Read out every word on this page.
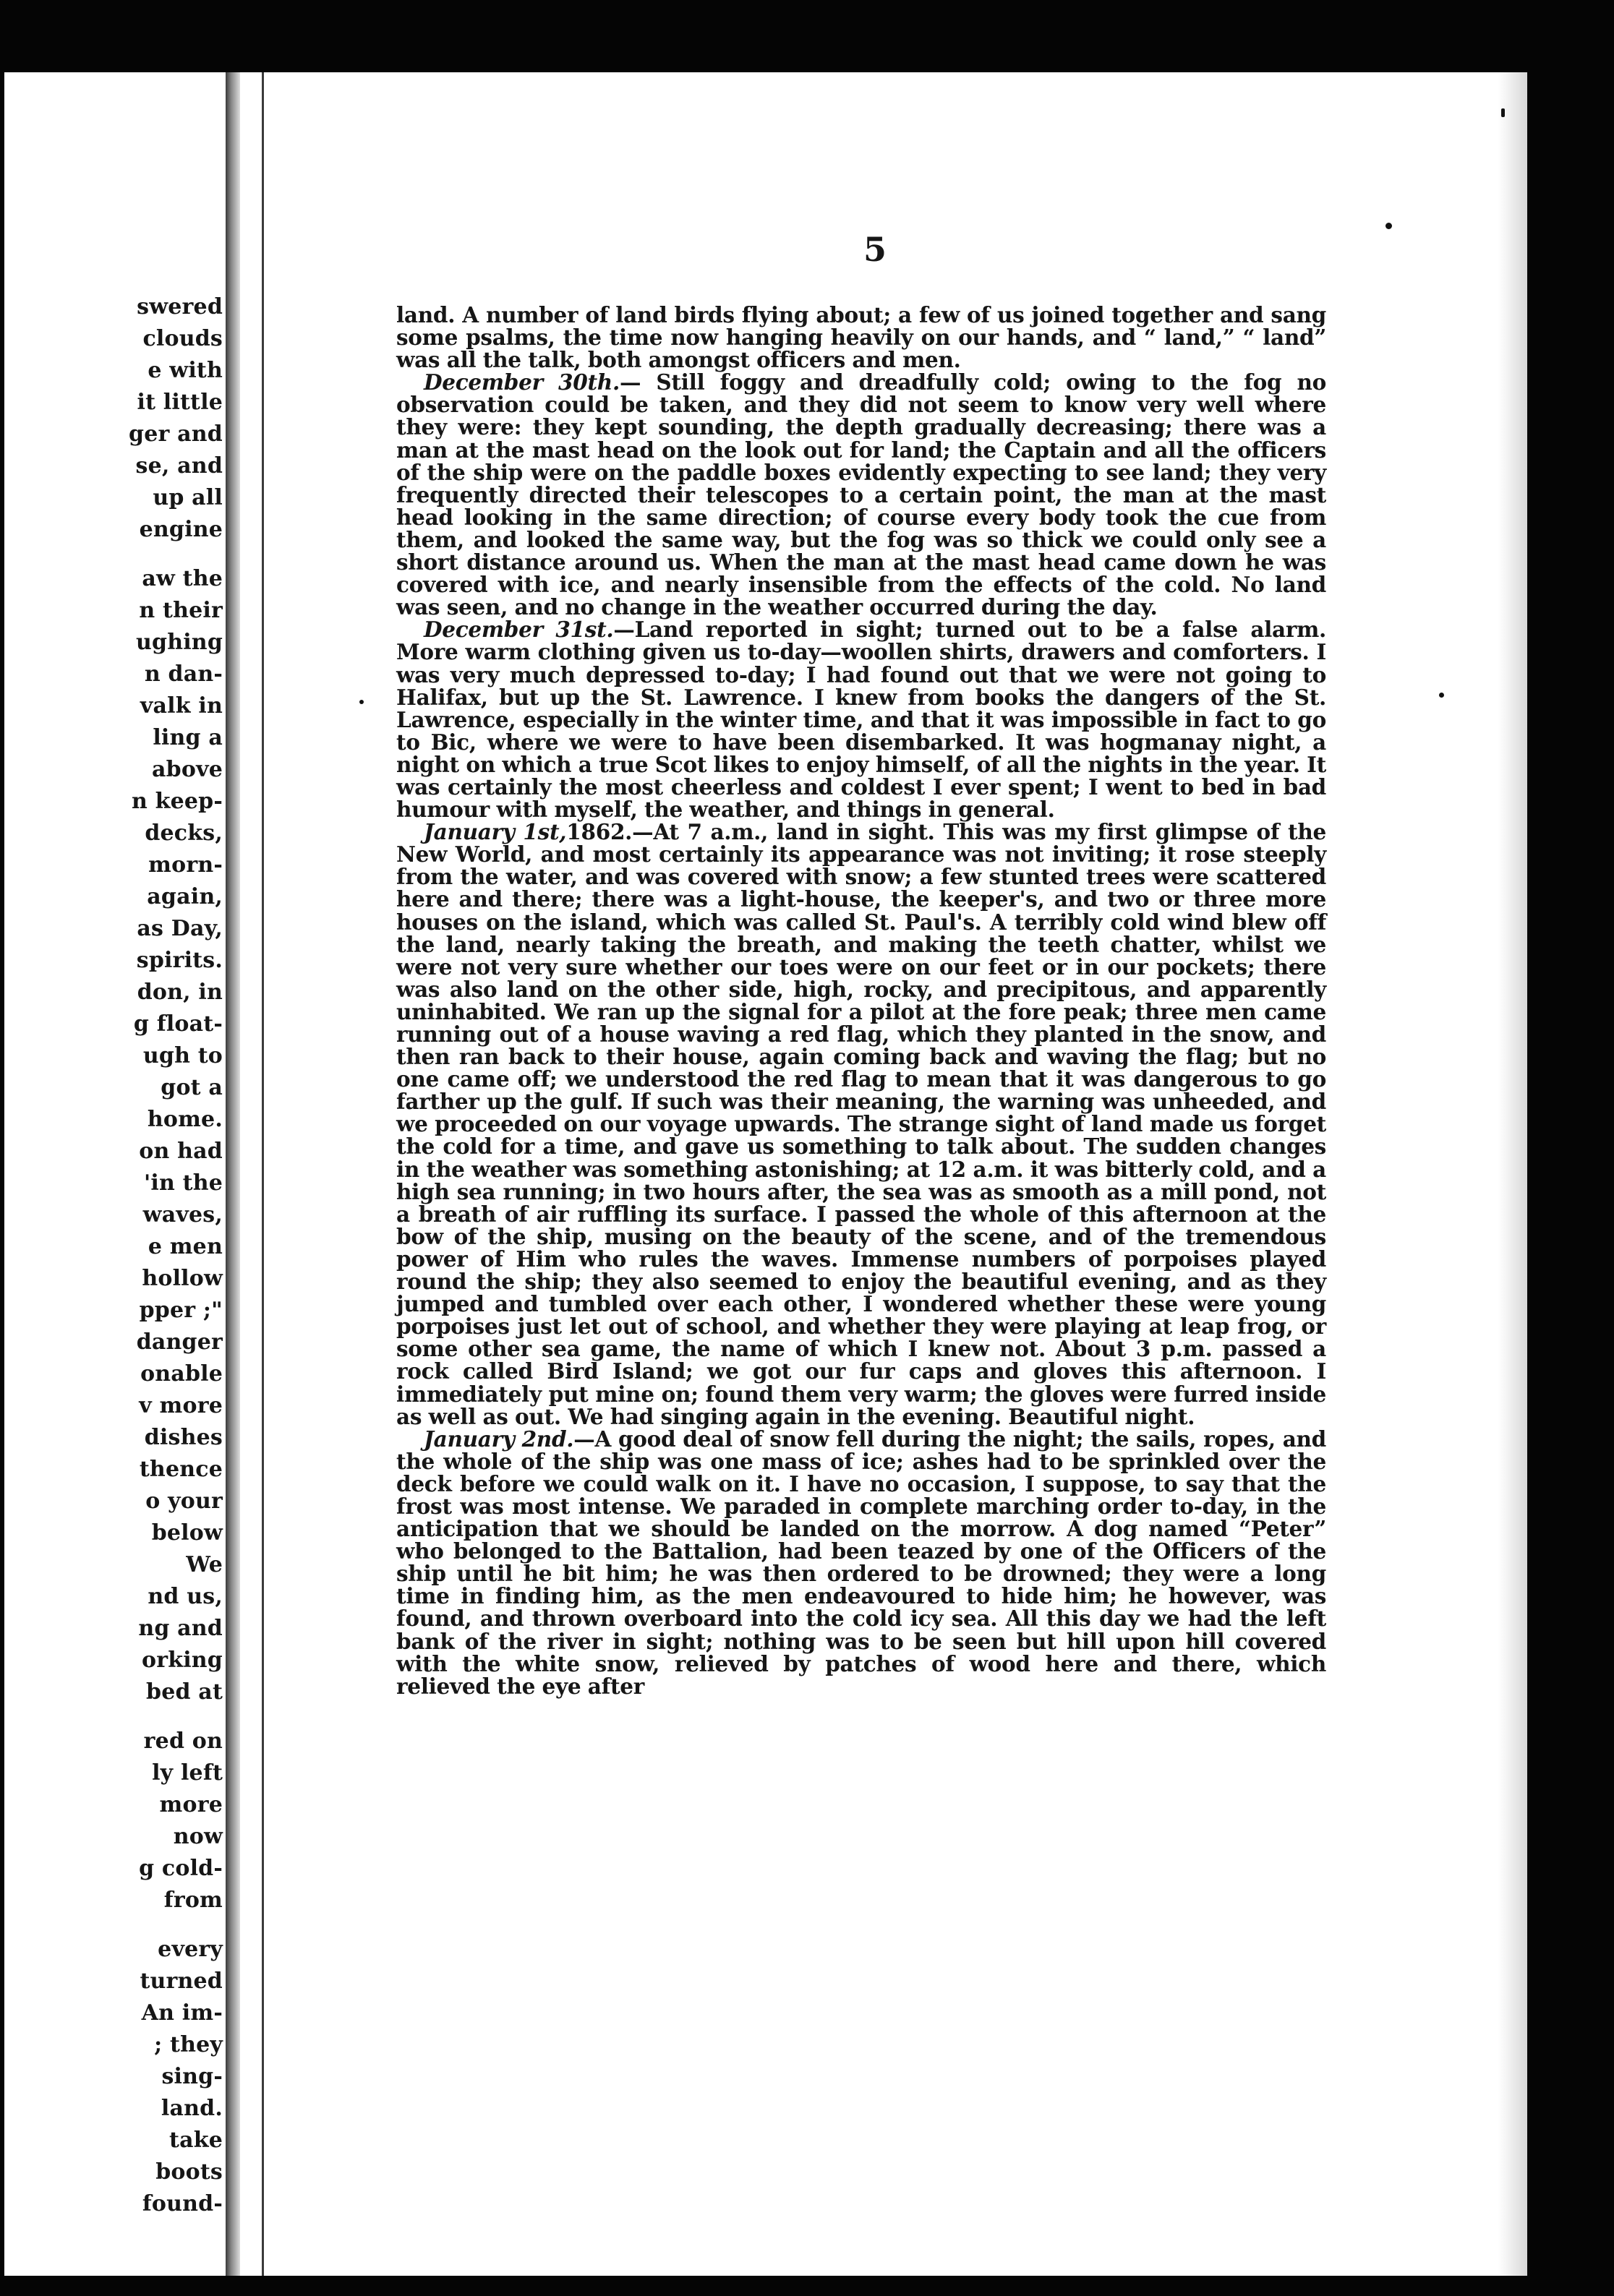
swered
clouds
e with
it little
ger and
se, and
up all
engine
aw the
n their
ughing
n dan-
valk in
ling a
above
n keep-
decks,
morn-
again,
as Day,
spirits.
don, in
g float-
ugh to
got a
home.
on had
'in the
waves,
e men
hollow
pper ;"
danger
onable
v more
dishes
thence
o your
below
We
nd us,
ng and
orking
bed at
red on
ly left
more
now
g cold-
from
every
turned
An im-
; they
sing-
land.
take
boots
found-
5

land. A number of land birds flying about; a few of us joined together and sang some psalms, the time now hanging heavily on our hands, and “ land,” “ land” was all the talk, both amongst officers and men.

December 30th.— Still foggy and dreadfully cold; owing to the fog no observation could be taken, and they did not seem to know very well where they were: they kept sounding, the depth gradually decreasing; there was a man at the mast head on the look out for land; the Captain and all the officers of the ship were on the paddle boxes evidently expecting to see land; they very frequently directed their telescopes to a certain point, the man at the mast head looking in the same direction; of course every body took the cue from them, and looked the same way, but the fog was so thick we could only see a short distance around us. When the man at the mast head came down he was covered with ice, and nearly insensible from the effects of the cold. No land was seen, and no change in the weather occurred during the day.

December 31st.—Land reported in sight; turned out to be a false alarm. More warm clothing given us to-day—woollen shirts, drawers and comforters. I was very much depressed to-day; I had found out that we were not going to Halifax, but up the St. Lawrence. I knew from books the dangers of the St. Lawrence, especially in the winter time, and that it was impossible in fact to go to Bic, where we were to have been disembarked. It was hogmanay night, a night on which a true Scot likes to enjoy himself, of all the nights in the year. It was certainly the most cheerless and coldest I ever spent; I went to bed in bad humour with myself, the weather, and things in general.

January 1st,1862.—At 7 a.m., land in sight. This was my first glimpse of the New World, and most certainly its appearance was not inviting; it rose steeply from the water, and was covered with snow; a few stunted trees were scattered here and there; there was a light-house, the keeper's, and two or three more houses on the island, which was called St. Paul's. A terribly cold wind blew off the land, nearly taking the breath, and making the teeth chatter, whilst we were not very sure whether our toes were on our feet or in our pockets; there was also land on the other side, high, rocky, and precipitous, and apparently uninhabited. We ran up the signal for a pilot at the fore peak; three men came running out of a house waving a red flag, which they planted in the snow, and then ran back to their house, again coming back and waving the flag; but no one came off; we understood the red flag to mean that it was dangerous to go farther up the gulf. If such was their meaning, the warning was unheeded, and we proceeded on our voyage upwards. The strange sight of land made us forget the cold for a time, and gave us something to talk about. The sudden changes in the weather was something astonishing; at 12 a.m. it was bitterly cold, and a high sea running; in two hours after, the sea was as smooth as a mill pond, not a breath of air ruffling its surface. I passed the whole of this afternoon at the bow of the ship, musing on the beauty of the scene, and of the tremendous power of Him who rules the waves. Immense numbers of porpoises played round the ship; they also seemed to enjoy the beautiful evening, and as they jumped and tumbled over each other, I wondered whether these were young porpoises just let out of school, and whether they were playing at leap frog, or some other sea game, the name of which I knew not. About 3 p.m. passed a rock called Bird Island; we got our fur caps and gloves this afternoon. I immediately put mine on; found them very warm; the gloves were furred inside as well as out. We had singing again in the evening. Beautiful night.

January 2nd.—A good deal of snow fell during the night; the sails, ropes, and the whole of the ship was one mass of ice; ashes had to be sprinkled over the deck before we could walk on it. I have no occasion, I suppose, to say that the frost was most intense. We paraded in complete marching order to-day, in the anticipation that we should be landed on the morrow. A dog named “Peter” who belonged to the Battalion, had been teazed by one of the Officers of the ship until he bit him; he was then ordered to be drowned; they were a long time in finding him, as the men endeavoured to hide him; he however, was found, and thrown overboard into the cold icy sea. All this day we had the left bank of the river in sight; nothing was to be seen but hill upon hill covered with the white snow, relieved by patches of wood here and there, which relieved the eye after
